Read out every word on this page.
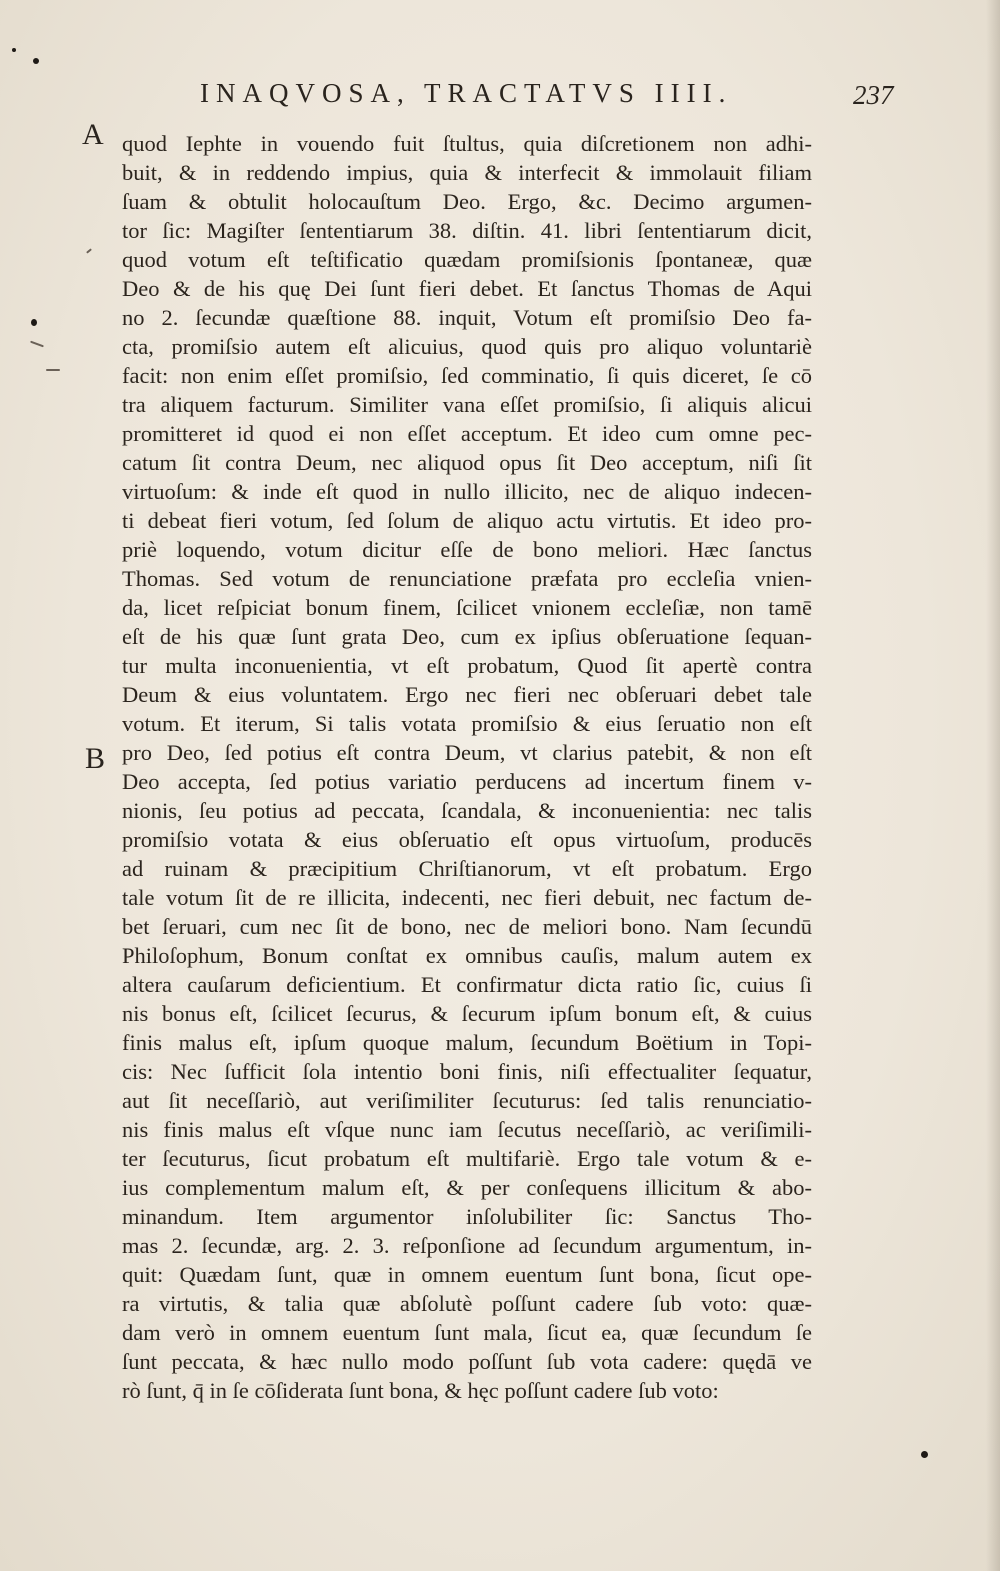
INAQVOSA, TRACTATVS IIII.	237
A
B
quod Iephte in vouendo fuit ſtultus, quia diſcretionem non adhi-
buit, & in reddendo impius, quia & interfecit & immolauit filiam
ſuam & obtulit holocauſtum Deo. Ergo, &c. Decimo argumen-
tor ſic: Magiſter ſententiarum 38. diſtin. 41. libri ſententiarum dicit,
quod votum eſt teſtificatio quædam promiſsionis ſpontaneæ, quæ
Deo & de his quę Dei ſunt fieri debet. Et ſanctus Thomas de Aqui
no 2. ſecundæ quæſtione 88. inquit, Votum eſt promiſsio Deo fa-
cta, promiſsio autem eſt alicuius, quod quis pro aliquo voluntariè
facit: non enim eſſet promiſsio, ſed comminatio, ſi quis diceret, ſe cō
tra aliquem facturum. Similiter vana eſſet promiſsio, ſi aliquis alicui
promitteret id quod ei non eſſet acceptum. Et ideo cum omne pec-
catum ſit contra Deum, nec aliquod opus ſit Deo acceptum, niſi ſit
virtuoſum: & inde eſt quod in nullo illicito, nec de aliquo indecen-
ti debeat fieri votum, ſed ſolum de aliquo actu virtutis. Et ideo pro-
priè loquendo, votum dicitur eſſe de bono meliori. Hæc ſanctus
Thomas. Sed votum de renunciatione præfata pro eccleſia vnien-
da, licet reſpiciat bonum finem, ſcilicet vnionem eccleſiæ, non tamē
eſt de his quæ ſunt grata Deo, cum ex ipſius obſeruatione ſequan-
tur multa inconuenientia, vt eſt probatum, Quod ſit apertè contra
Deum & eius voluntatem. Ergo nec fieri nec obſeruari debet tale
votum. Et iterum, Si talis votata promiſsio & eius ſeruatio non eſt
pro Deo, ſed potius eſt contra Deum, vt clarius patebit, & non eſt
Deo accepta, ſed potius variatio perducens ad incertum finem v-
nionis, ſeu potius ad peccata, ſcandala, & inconuenientia: nec talis
promiſsio votata & eius obſeruatio eſt opus virtuoſum, producēs
ad ruinam & præcipitium Chriſtianorum, vt eſt probatum. Ergo
tale votum ſit de re illicita, indecenti, nec fieri debuit, nec factum de-
bet ſeruari, cum nec ſit de bono, nec de meliori bono. Nam ſecundū
Philoſophum, Bonum conſtat ex omnibus cauſis, malum autem ex
altera cauſarum deficientium. Et confirmatur dicta ratio ſic, cuius ſi
nis bonus eſt, ſcilicet ſecurus, & ſecurum ipſum bonum eſt, & cuius
finis malus eſt, ipſum quoque malum, ſecundum Boëtium in Topi-
cis: Nec ſufficit ſola intentio boni finis, niſi effectualiter ſequatur,
aut ſit neceſſariò, aut veriſimiliter ſecuturus: ſed talis renunciatio-
nis finis malus eſt vſque nunc iam ſecutus neceſſariò, ac veriſimili-
ter ſecuturus, ſicut probatum eſt multifariè. Ergo tale votum & e-
ius complementum malum eſt, & per conſequens illicitum & abo-
minandum. Item argumentor inſolubiliter ſic: Sanctus Tho-
mas 2. ſecundæ, arg. 2. 3. reſponſione ad ſecundum argumentum, in-
quit: Quædam ſunt, quæ in omnem euentum ſunt bona, ſicut ope-
ra virtutis, & talia quæ abſolutè poſſunt cadere ſub voto: quæ-
dam verò in omnem euentum ſunt mala, ſicut ea, quæ ſecundum ſe
ſunt peccata, & hæc nullo modo poſſunt ſub vota cadere: quędā ve
rò ſunt, q̄ in ſe cōſiderata ſunt bona, & hęc poſſunt cadere ſub voto:
